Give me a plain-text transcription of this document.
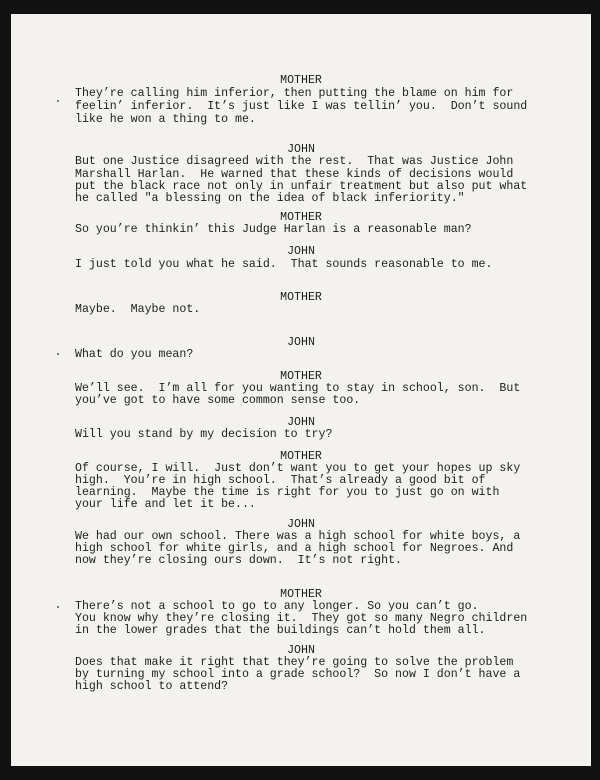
MOTHER
They’re calling him inferior, then putting the blame on him for
feelin’ inferior.  It’s just like I was tellin’ you.  Don’t sound
like he won a thing to me.
JOHN
But one Justice disagreed with the rest.  That was Justice John
Marshall Harlan.  He warned that these kinds of decisions would
put the black race not only in unfair treatment but also put what
he called "a blessing on the idea of black inferiority."
MOTHER
So you’re thinkin’ this Judge Harlan is a reasonable man?
JOHN
I just told you what he said.  That sounds reasonable to me.
MOTHER
Maybe.  Maybe not.
JOHN
What do you mean?
MOTHER
We’ll see.  I’m all for you wanting to stay in school, son.  But
you’ve got to have some common sense too.
JOHN
Will you stand by my decision to try?
MOTHER
Of course, I will.  Just don’t want you to get your hopes up sky
high.  You’re in high school.  That’s already a good bit of
learning.  Maybe the time is right for you to just go on with
your life and let it be...
JOHN
We had our own school. There was a high school for white boys, a
high school for white girls, and a high school for Negroes. And
now they’re closing ours down.  It’s not right.
MOTHER
There’s not a school to go to any longer. So you can’t go.
You know why they’re closing it.  They got so many Negro children
in the lower grades that the buildings can’t hold them all.
JOHN
Does that make it right that they’re going to solve the problem
by turning my school into a grade school?  So now I don’t have a
high school to attend?
